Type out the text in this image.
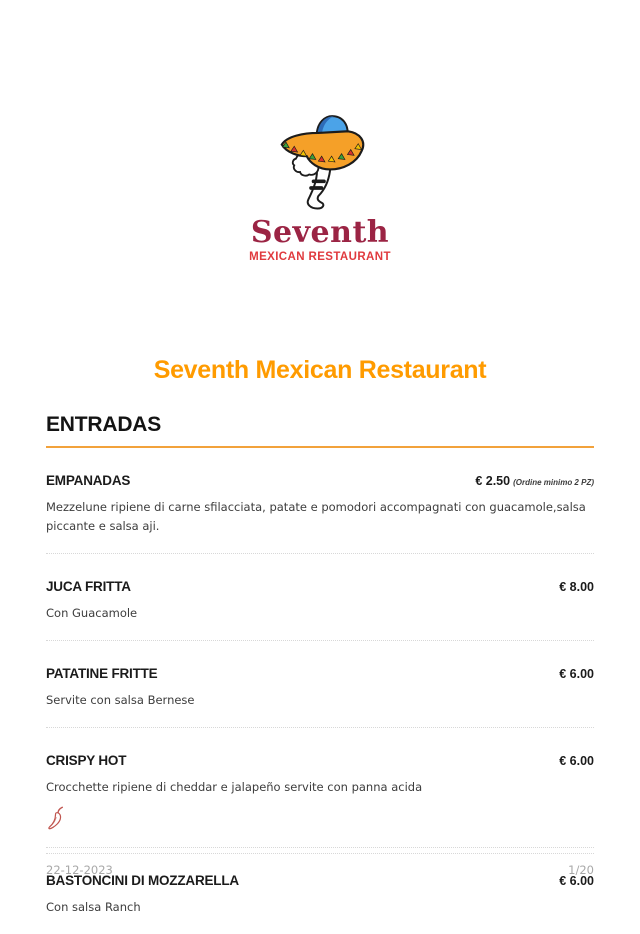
Seventh
MEXICAN RESTAURANT
Seventh Mexican Restaurant
ENTRADAS
EMPANADAS	€ 2.50 (Ordine minimo 2 PZ)
Mezzelune ripiene di carne sfilacciata, patate e pomodori accompagnati con guacamole,salsa piccante e salsa aji.
JUCA FRITTA	€ 8.00
Con Guacamole
PATATINE FRITTE	€ 6.00
Servite con salsa Bernese
CRISPY HOT	€ 6.00
Crocchette ripiene di cheddar e jalapeño servite con panna acida
BASTONCINI DI MOZZARELLA	€ 6.00
Con salsa Ranch
22-12-2023	1/20
